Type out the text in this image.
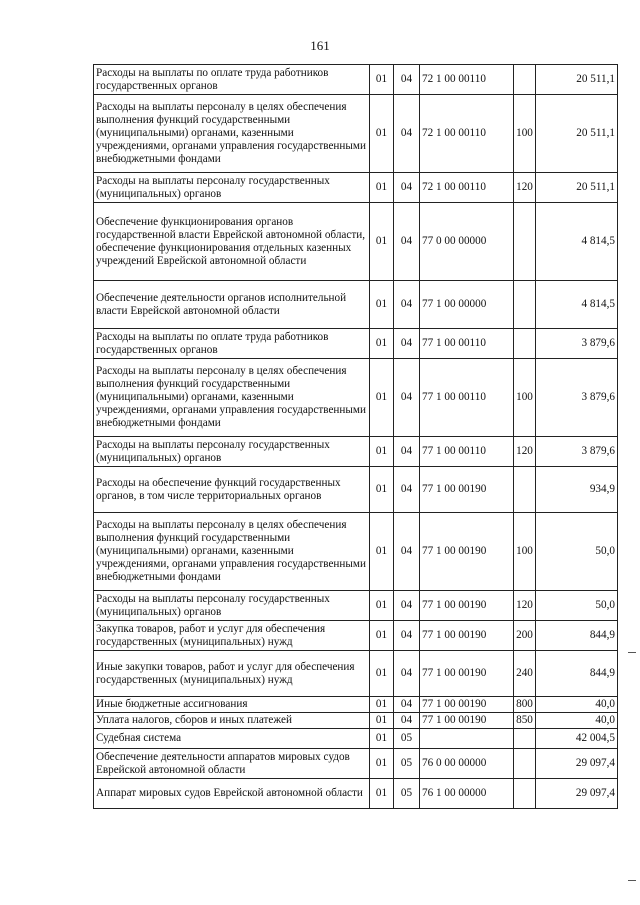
161
Расходы на выплаты по оплате труда работников государственных органов	01	04	72 1 00 00110		20 511,1
Расходы на выплаты персоналу в целях обеспечения выполнения функций государственными (муниципальными) органами, казенными учреждениями, органами управления государственными внебюджетными фондами	01	04	72 1 00 00110	100	20 511,1
Расходы на выплаты персоналу государственных (муниципальных) органов	01	04	72 1 00 00110	120	20 511,1
Обеспечение функционирования органов государственной власти Еврейской автономной области, обеспечение функционирования отдельных казенных учреждений Еврейской автономной области	01	04	77 0 00 00000		4 814,5
Обеспечение деятельности органов исполнительной власти Еврейской автономной области	01	04	77 1 00 00000		4 814,5
Расходы на выплаты по оплате труда работников государственных органов	01	04	77 1 00 00110		3 879,6
Расходы на выплаты персоналу в целях обеспечения выполнения функций государственными (муниципальными) органами, казенными учреждениями, органами управления государственными внебюджетными фондами	01	04	77 1 00 00110	100	3 879,6
Расходы на выплаты персоналу государственных (муниципальных) органов	01	04	77 1 00 00110	120	3 879,6
Расходы на обеспечение функций государственных органов, в том числе территориальных органов	01	04	77 1 00 00190		934,9
Расходы на выплаты персоналу в целях обеспечения выполнения функций государственными (муниципальными) органами, казенными учреждениями, органами управления государственными внебюджетными фондами	01	04	77 1 00 00190	100	50,0
Расходы на выплаты персоналу государственных (муниципальных) органов	01	04	77 1 00 00190	120	50,0
Закупка товаров, работ и услуг для обеспечения государственных (муниципальных) нужд	01	04	77 1 00 00190	200	844,9
Иные закупки товаров, работ и услуг для обеспечения государственных (муниципальных) нужд	01	04	77 1 00 00190	240	844,9
Иные бюджетные ассигнования	01	04	77 1 00 00190	800	40,0
Уплата налогов, сборов и иных платежей	01	04	77 1 00 00190	850	40,0
Судебная система	01	05			42 004,5
Обеспечение деятельности аппаратов мировых судов Еврейской автономной области	01	05	76 0 00 00000		29 097,4
Аппарат мировых судов Еврейской автономной области	01	05	76 1 00 00000		29 097,4
